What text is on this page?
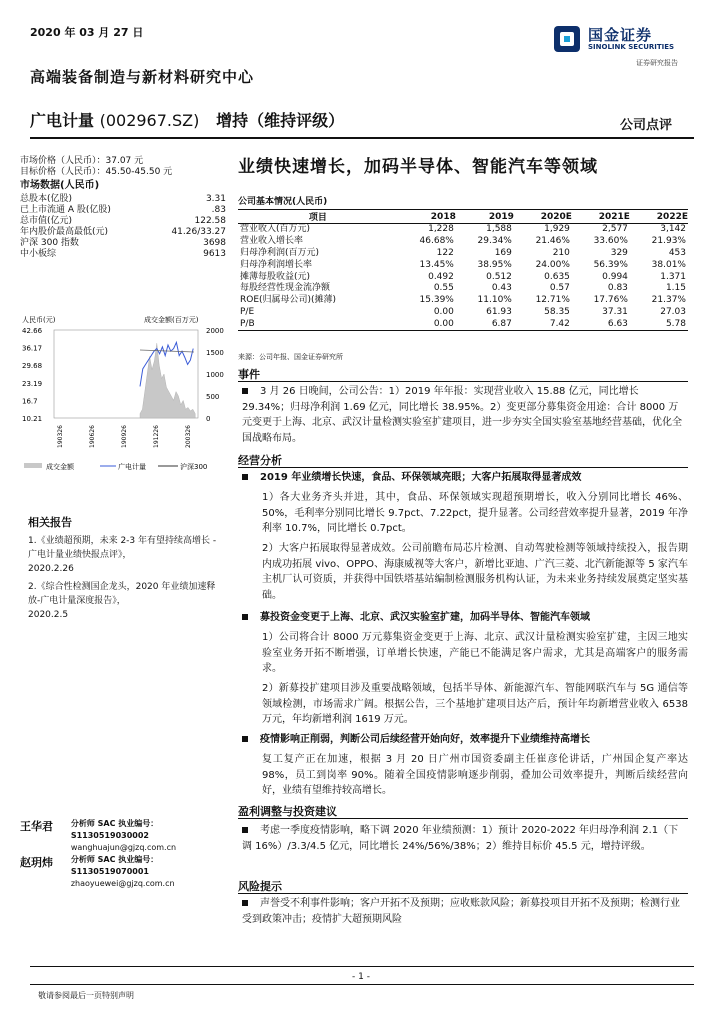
2020 年 03 月 27 日	国金证券
SINOLINK SECURITIES
证券研究报告
高端装备制造与新材料研究中心
广电计量 (002967.SZ) 增持（维持评级）	公司点评
业绩快速增长，加码半导体、智能汽车等领域
市场价格（人民币）：37.07 元
目标价格（人民币）：45.50-45.50 元
市场数据(人民币)
总股本(亿股)	3.31
已上市流通 A 股(亿股)	.83
总市值(亿元)	122.58
年内股价最高最低(元)	41.26/33.27
沪深 300 指数	3698
中小板综	9613
人民币(元)	成交金额(百万元)
42.66
36.17
29.68
23.19
16.7
10.21
2000
1500
1000
500
0
190326	190626	190926	191226	200326
成交金额	广电计量	沪深300
相关报告
1.《业绩超预期，未来 2-3 年有望持续高增长 - 广电计量业绩快报点评》，
2020.2.26
2.《综合性检测国企龙头，2020 年业绩加速释放-广电计量深度报告》，
2020.2.5
王华君	分析师 SAC 执业编号：S1130519030002
wanghuajun@gjzq.com.cn
赵玥炜	分析师 SAC 执业编号：S1130519070001
zhaoyuewei@gjzq.com.cn
公司基本情况(人民币)
项目	2018	2019	2020E	2021E	2022E
营业收入(百万元)	1,228	1,588	1,929	2,577	3,142
营业收入增长率	46.68%	29.34%	21.46%	33.60%	21.93%
归母净利润(百万元)	122	169	210	329	453
归母净利润增长率	13.45%	38.95%	24.00%	56.39%	38.01%
摊薄每股收益(元)	0.492	0.512	0.635	0.994	1.371
每股经营性现金流净额	0.55	0.43	0.57	0.83	1.15
ROE(归属母公司)(摊薄)	15.39%	11.10%	12.71%	17.76%	21.37%
P/E	0.00	61.93	58.35	37.31	27.03
P/B	0.00	6.87	7.42	6.63	5.78
来源：公司年报、国金证券研究所
事件
3 月 26 日晚间，公司公告：1）2019 年年报：实现营业收入 15.88 亿元，同比增长 29.34%；归母净利润 1.69 亿元，同比增长 38.95%。2）变更部分募集资金用途：合计 8000 万元变更于上海、北京、武汉计量检测实验室扩建项目，进一步夯实全国实验室基地经营基础，优化全国战略布局。
经营分析
2019 年业绩增长快速，食品、环保领域亮眼；大客户拓展取得显著成效
1）各大业务齐头并进，其中，食品、环保领域实现超预期增长，收入分别同比增长 46%、50%，毛利率分别同比增长 9.7pct、7.22pct，提升显著。公司经营效率提升显著，2019 年净利率 10.7%，同比增长 0.7pct。
2）大客户拓展取得显著成效。公司前瞻布局芯片检测、自动驾驶检测等领域持续投入，报告期内成功拓展 vivo、OPPO、海康威视等大客户，新增比亚迪、广汽三菱、北汽新能源等 5 家汽车主机厂认可资质，并获得中国铁塔基站编制检测服务机构认证，为未来业务持续发展奠定坚实基础。
募投资金变更于上海、北京、武汉实验室扩建，加码半导体、智能汽车领域
1）公司将合计 8000 万元募集资金变更于上海、北京、武汉计量检测实验室扩建，主因三地实验室业务开拓不断增强，订单增长快速，产能已不能满足客户需求，尤其是高端客户的服务需求。
2）新募投扩建项目涉及重要战略领域，包括半导体、新能源汽车、智能网联汽车与 5G 通信等领域检测，市场需求广阔。根据公告，三个基地扩建项目达产后，预计年均新增营业收入 6538 万元，年均新增利润 1619 万元。
疫情影响正削弱，判断公司后续经营开始向好，效率提升下业绩维持高增长
复工复产正在加速，根据 3 月 20 日广州市国资委副主任崔彦伦讲话，广州国企复产率达 98%，员工到岗率 90%。随着全国疫情影响逐步削弱，叠加公司效率提升，判断后续经营向好，业绩有望维持较高增长。
盈利调整与投资建议
考虑一季度疫情影响，略下调 2020 年业绩预测：1）预计 2020-2022 年归母净利润 2.1（下调 16%）/3.3/4.5 亿元，同比增长 24%/56%/38%；2）维持目标价 45.5 元，增持评级。
风险提示
声誉受不利事件影响；客户开拓不及预期；应收账款风险；新募投项目开拓不及预期；检测行业受到政策冲击；疫情扩大超预期风险
- 1 -
敬请参阅最后一页特别声明
